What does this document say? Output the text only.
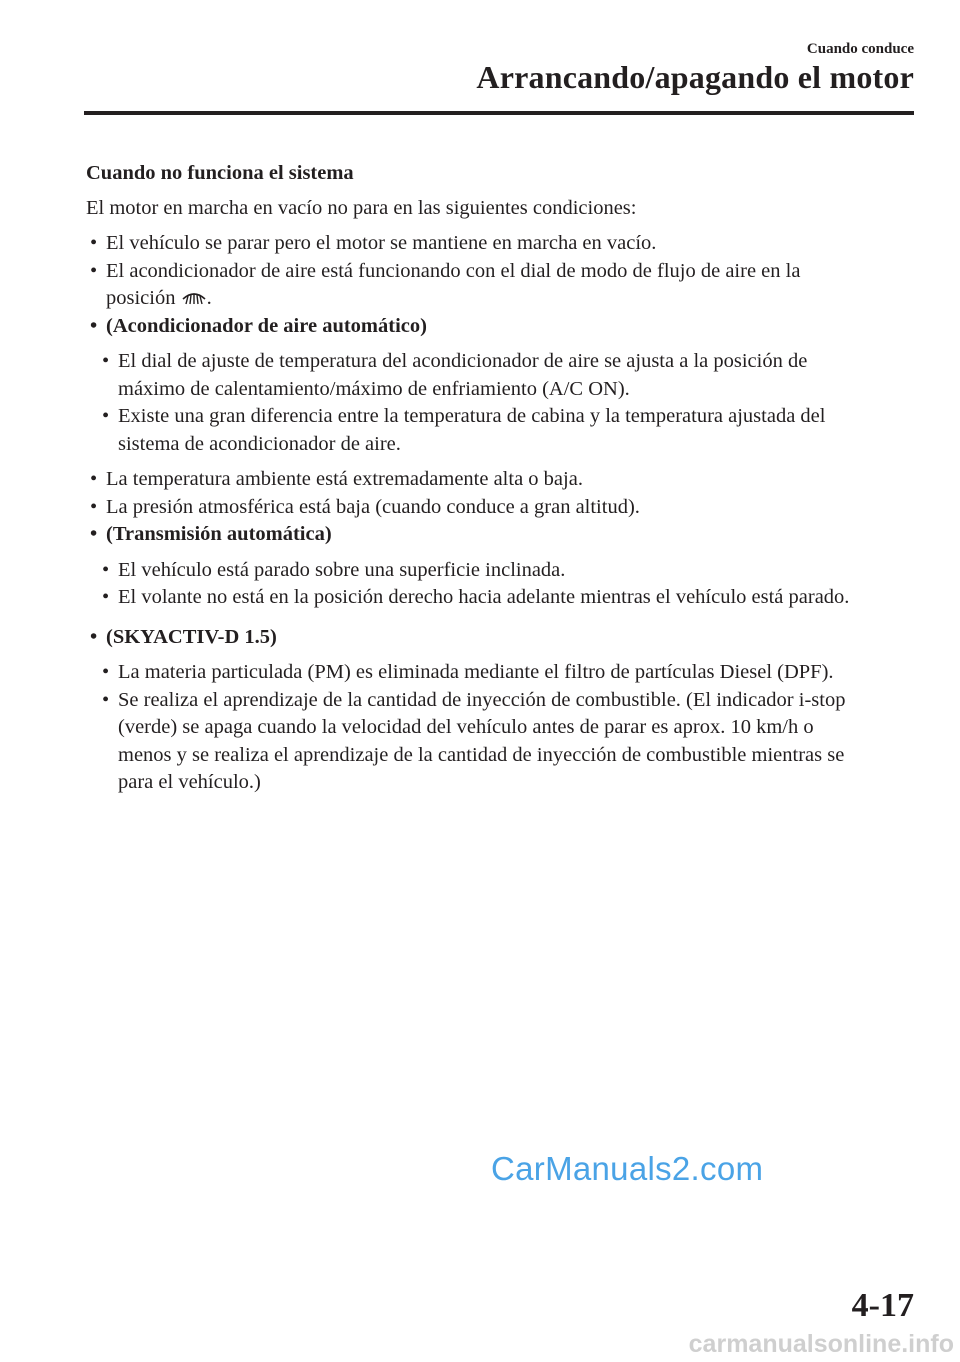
Cuando conduce
Arrancando/apagando el motor
Cuando no funciona el sistema
El motor en marcha en vacío no para en las siguientes condiciones:
• El vehículo se parar pero el motor se mantiene en marcha en vacío.
• El acondicionador de aire está funcionando con el dial de modo de flujo de aire en la
posición .
• (Acondicionador de aire automático)
• El dial de ajuste de temperatura del acondicionador de aire se ajusta a la posición de
máximo de calentamiento/máximo de enfriamiento (A/C ON).
• Existe una gran diferencia entre la temperatura de cabina y la temperatura ajustada del
sistema de acondicionador de aire.
• La temperatura ambiente está extremadamente alta o baja.
• La presión atmosférica está baja (cuando conduce a gran altitud).
• (Transmisión automática)
• El vehículo está parado sobre una superficie inclinada.
• El volante no está en la posición derecho hacia adelante mientras el vehículo está parado.
• (SKYACTIV-D 1.5)
• La materia particulada (PM) es eliminada mediante el filtro de partículas Diesel (DPF).
• Se realiza el aprendizaje de la cantidad de inyección de combustible. (El indicador i-stop
(verde) se apaga cuando la velocidad del vehículo antes de parar es aprox. 10 km/h o
menos y se realiza el aprendizaje de la cantidad de inyección de combustible mientras se
para el vehículo.)
CarManuals2.com
4-17
carmanualsonline.info
